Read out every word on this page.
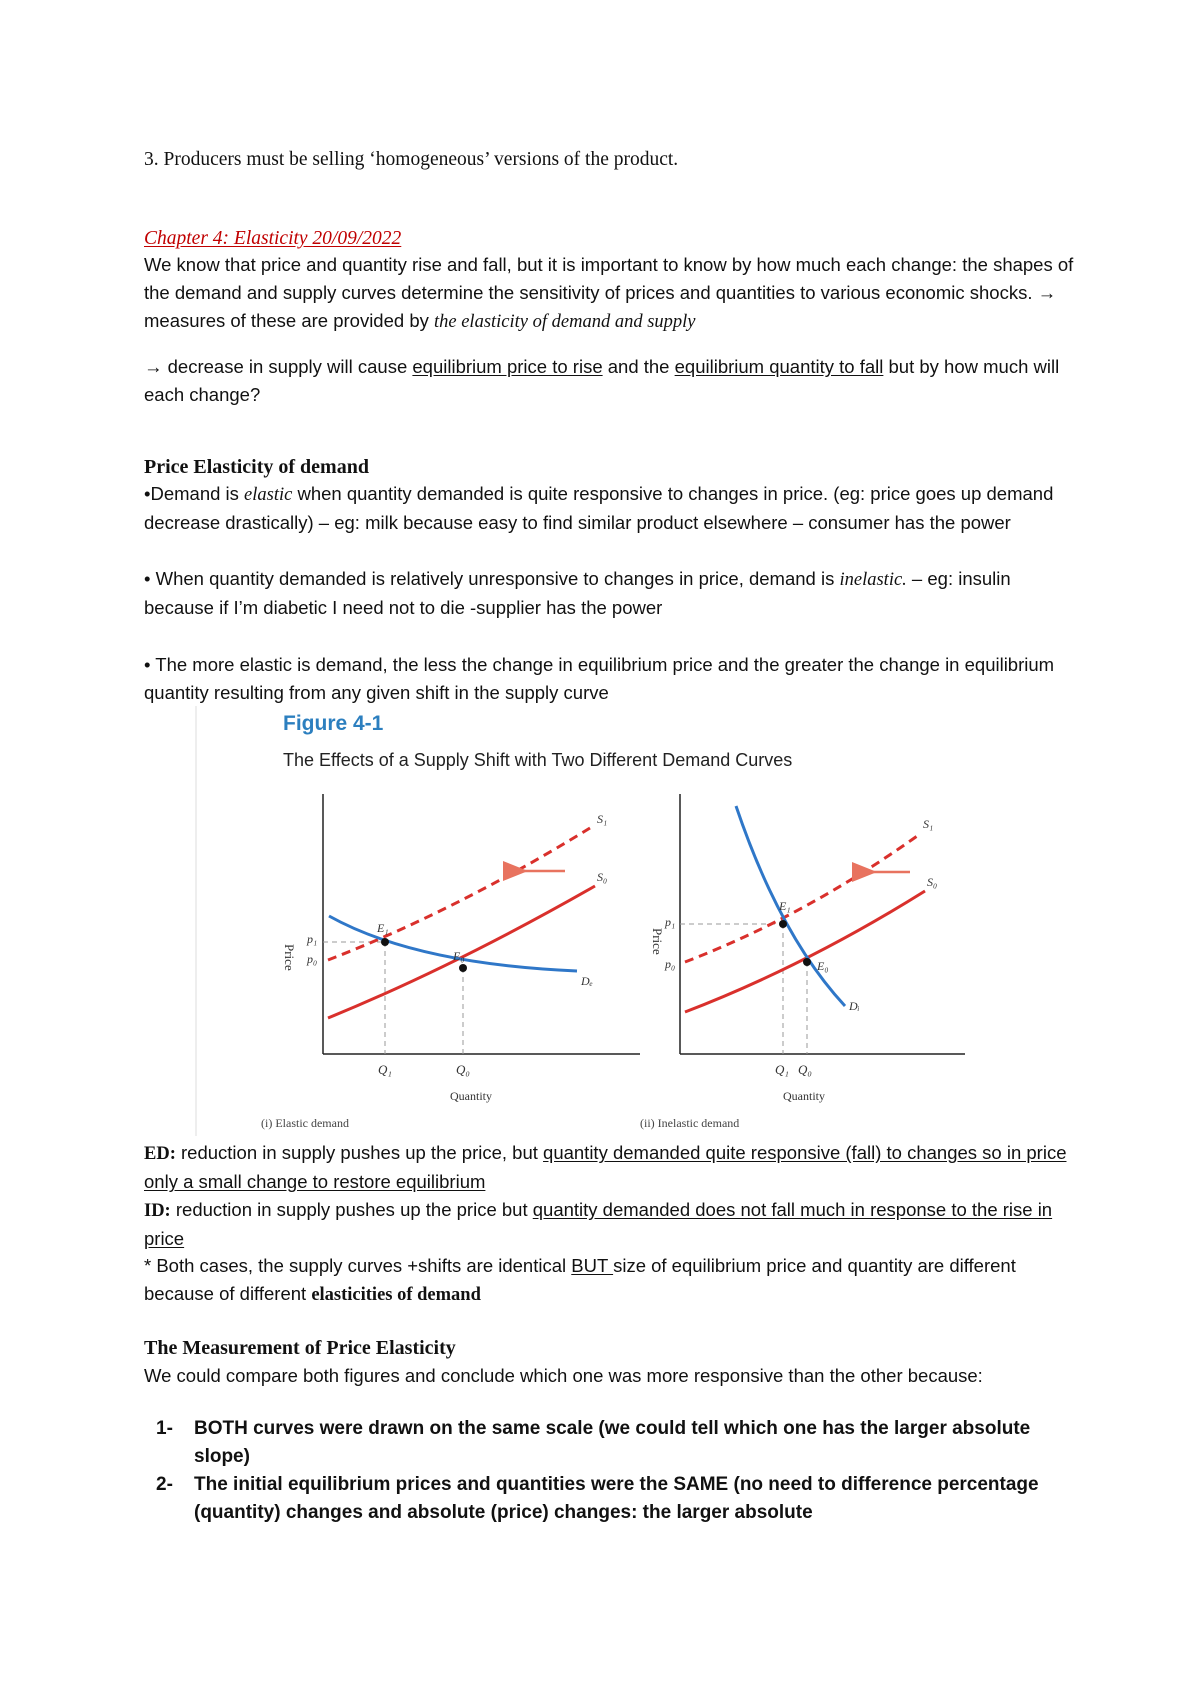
3. Producers must be selling ‘homogeneous’ versions of the product.
Chapter 4: Elasticity 20/09/2022
We know that price and quantity rise and fall, but it is important to know by how much each change: the shapes of the demand and supply curves determine the sensitivity of prices and quantities to various economic shocks. → measures of these are provided by the elasticity of demand and supply
→ decrease in supply will cause equilibrium price to rise and the equilibrium quantity to fall but by how much will each change?
Price Elasticity of demand
•Demand is elastic when quantity demanded is quite responsive to changes in price. (eg: price goes up demand decrease drastically) – eg: milk because easy to find similar product elsewhere – consumer has the power
• When quantity demanded is relatively unresponsive to changes in price, demand is inelastic. – eg: insulin because if I’m diabetic I need not to die -supplier has the power
• The more elastic is demand, the less the change in equilibrium price and the greater the change in equilibrium quantity resulting from any given shift in the supply curve
Figure 4-1
The Effects of a Supply Shift with Two Different Demand Curves
Price
p₁
p₀
Q₁	Q₀
Quantity
S₁
S₀
Dₑ
E₁
E₀
(i) Elastic demand
Price
p₁
p₀
Q₁ Q₀
Quantity
S₁
S₀
Dᵢ
E₁
E₀
(ii) Inelastic demand
ED: reduction in supply pushes up the price, but quantity demanded quite responsive (fall) to changes so in price only a small change to restore equilibrium
ID: reduction in supply pushes up the price but quantity demanded does not fall much in response to the rise in price
* Both cases, the supply curves +shifts are identical BUT size of equilibrium price and quantity are different because of different elasticities of demand
The Measurement of Price Elasticity
We could compare both figures and conclude which one was more responsive than the other because:
1-	BOTH curves were drawn on the same scale (we could tell which one has the larger absolute slope)
2-	The initial equilibrium prices and quantities were the SAME (no need to difference percentage (quantity) changes and absolute (price) changes: the larger absolute
